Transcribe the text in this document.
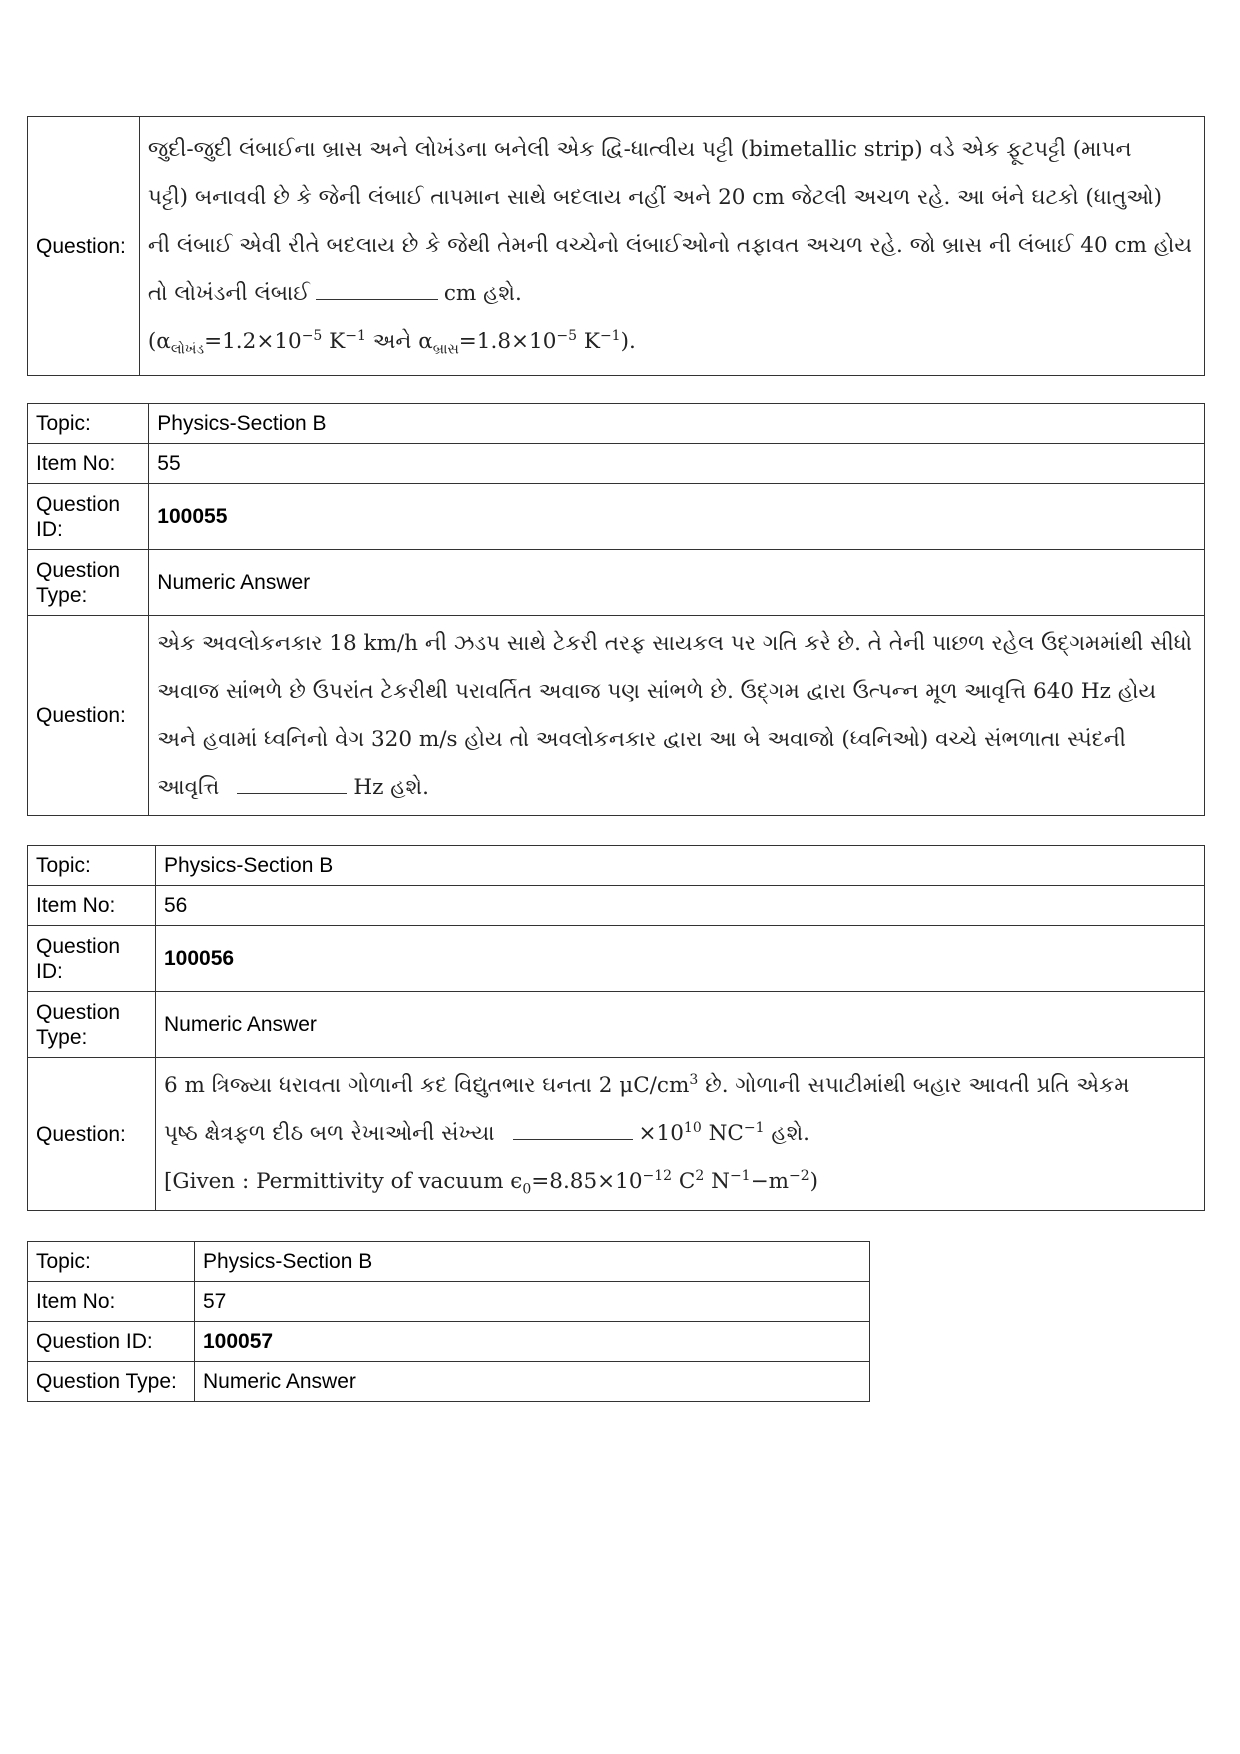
Question:	
જુદી-જુદી લંબાઈના બ્રાસ અને લોખંડના બનેલી એક દ્વિ-ધાત્વીય પટ્ટી (bimetallic strip) વડે એક ફૂટપટ્ટી (માપન
પટ્ટી) બનાવવી છે કે જેની લંબાઈ તાપમાન સાથે બદલાય નહીં અને 20 cm જેટલી અચળ રહે. આ બંને ઘટકો (ધાતુઓ)
ની લંબાઈ એવી રીતે બદલાય છે કે જેથી તેમની વચ્ચેનો લંબાઈઓનો તફાવત અચળ રહે. જો બ્રાસ ની લંબાઈ 40 cm હોય
તો લોખંડની લંબાઈ	cm હશે.
($\alpha_{લોખંડ}=1.2\times 10^{-5}$ $K^{-1}$ અને $\alpha_{બ્રાસ}=1.8\times 10^{-5}$ $K^{-1}$).
Topic:	Physics-Section B
Item No:	55
Question ID:	100055
Question Type:	Numeric Answer
Question:	એક અવલોકનકાર 18 km/h ની ઝડપ સાથે ટેકરી તરફ સાયકલ પર ગતિ કરે છે. તે તેની પાછળ રહેલ ઉદ્ગમમાંથી સીધો
અવાજ સાંભળે છે ઉપરાંત ટેકરીથી પરાવર્તિત અવાજ પણ સાંભળે છે. ઉદ્ગમ દ્વારા ઉત્પન્ન મૂળ આવૃત્તિ 640 Hz હોય
અને હવામાં ધ્વનિનો વેગ 320 m/s હોય તો અવલોકનકાર દ્વારા આ બે અવાજો (ધ્વનિઓ) વચ્ચે સંભળાતા સ્પંદની
આવૃત્તિ Hz હશે.
Topic:	Physics-Section B
Item No:	56
Question ID:	100056
Question Type:	Numeric Answer
Question:	6 m ત્રિજ્યા ધરાવતા ગોળાની કદ વિદ્યુતભાર ઘનતા 2 $\mu C/cm^3$ છે. ગોળાની સપાટીમાંથી બહાર આવતી પ્રતિ એકમ
પૃષ્ઠ ક્ષેત્રફળ દીઠ બળ રેખાઓની સંખ્યા $\times 10^{10}$ $NC^{-1}$ હશે.
[Given : Permittivity of vacuum $\epsilon_0=8.85\times 10^{-12}$ $C^2$ $N^{-1}-m^{-2}$)
Topic:	Physics-Section B
Item No:	57
Question ID:	100057
Question Type:	Numeric Answer
